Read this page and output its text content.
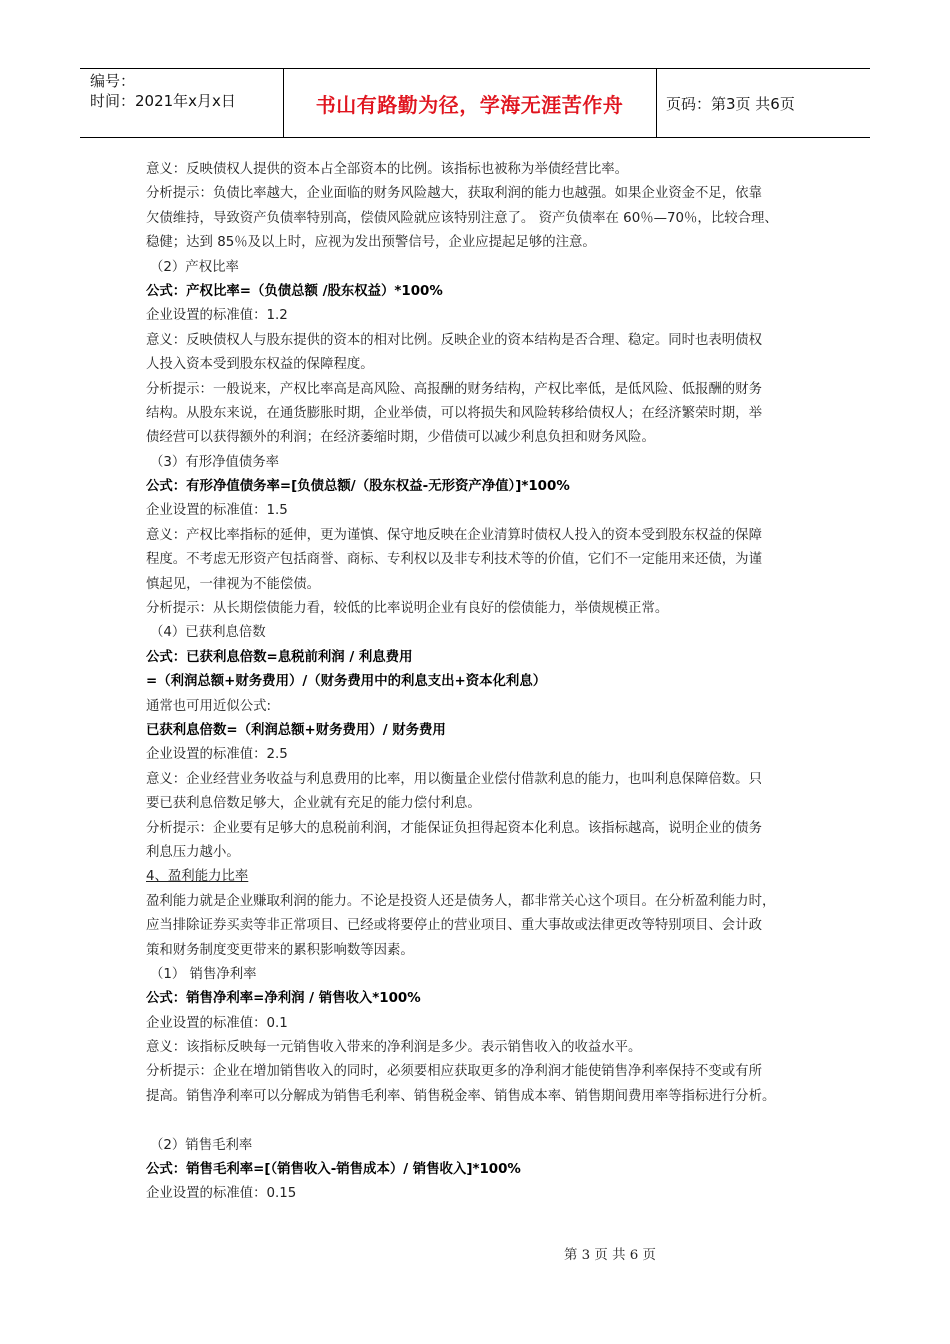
编号：
时间：2021年x月x日	书山有路勤为径，学海无涯苦作舟	页码：第3页 共6页
意义：反映债权人提供的资本占全部资本的比例。该指标也被称为举债经营比率。
分析提示：负债比率越大，企业面临的财务风险越大，获取利润的能力也越强。如果企业资金不足，依靠
欠债维持，导致资产负债率特别高，偿债风险就应该特别注意了。 资产负债率在 60％—70％，比较合理、
稳健；达到 85％及以上时，应视为发出预警信号，企业应提起足够的注意。
（2）产权比率
公式：产权比率=（负债总额 /股东权益）*100%
企业设置的标准值：1.2
意义：反映债权人与股东提供的资本的相对比例。反映企业的资本结构是否合理、稳定。同时也表明债权
人投入资本受到股东权益的保障程度。
分析提示：一般说来，产权比率高是高风险、高报酬的财务结构，产权比率低，是低风险、低报酬的财务
结构。从股东来说，在通货膨胀时期，企业举债，可以将损失和风险转移给债权人；在经济繁荣时期，举
债经营可以获得额外的利润；在经济萎缩时期，少借债可以减少利息负担和财务风险。
（3）有形净值债务率
公式：有形净值债务率=[负债总额/（股东权益-无形资产净值）]*100%
企业设置的标准值：1.5
意义：产权比率指标的延伸，更为谨慎、保守地反映在企业清算时债权人投入的资本受到股东权益的保障
程度。不考虑无形资产包括商誉、商标、专利权以及非专利技术等的价值，它们不一定能用来还债，为谨
慎起见，一律视为不能偿债。
分析提示：从长期偿债能力看，较低的比率说明企业有良好的偿债能力，举债规模正常。
（4）已获利息倍数
公式：已获利息倍数=息税前利润 / 利息费用
=（利润总额+财务费用）/（财务费用中的利息支出+资本化利息）
通常也可用近似公式:
已获利息倍数=（利润总额+财务费用）/ 财务费用
企业设置的标准值：2.5
意义：企业经营业务收益与利息费用的比率，用以衡量企业偿付借款利息的能力，也叫利息保障倍数。只
要已获利息倍数足够大，企业就有充足的能力偿付利息。
分析提示：企业要有足够大的息税前利润，才能保证负担得起资本化利息。该指标越高，说明企业的债务
利息压力越小。
4、盈利能力比率
盈利能力就是企业赚取利润的能力。不论是投资人还是债务人，都非常关心这个项目。在分析盈利能力时，
应当排除证券买卖等非正常项目、已经或将要停止的营业项目、重大事故或法律更改等特别项目、会计政
策和财务制度变更带来的累积影响数等因素。
（1） 销售净利率
公式：销售净利率=净利润 / 销售收入*100%
企业设置的标准值：0.1
意义：该指标反映每一元销售收入带来的净利润是多少。表示销售收入的收益水平。
分析提示：企业在增加销售收入的同时，必须要相应获取更多的净利润才能使销售净利率保持不变或有所
提高。销售净利率可以分解成为销售毛利率、销售税金率、销售成本率、销售期间费用率等指标进行分析。
（2）销售毛利率
公式：销售毛利率=[（销售收入-销售成本）/ 销售收入]*100%
企业设置的标准值：0.15
第 3 页 共 6 页
